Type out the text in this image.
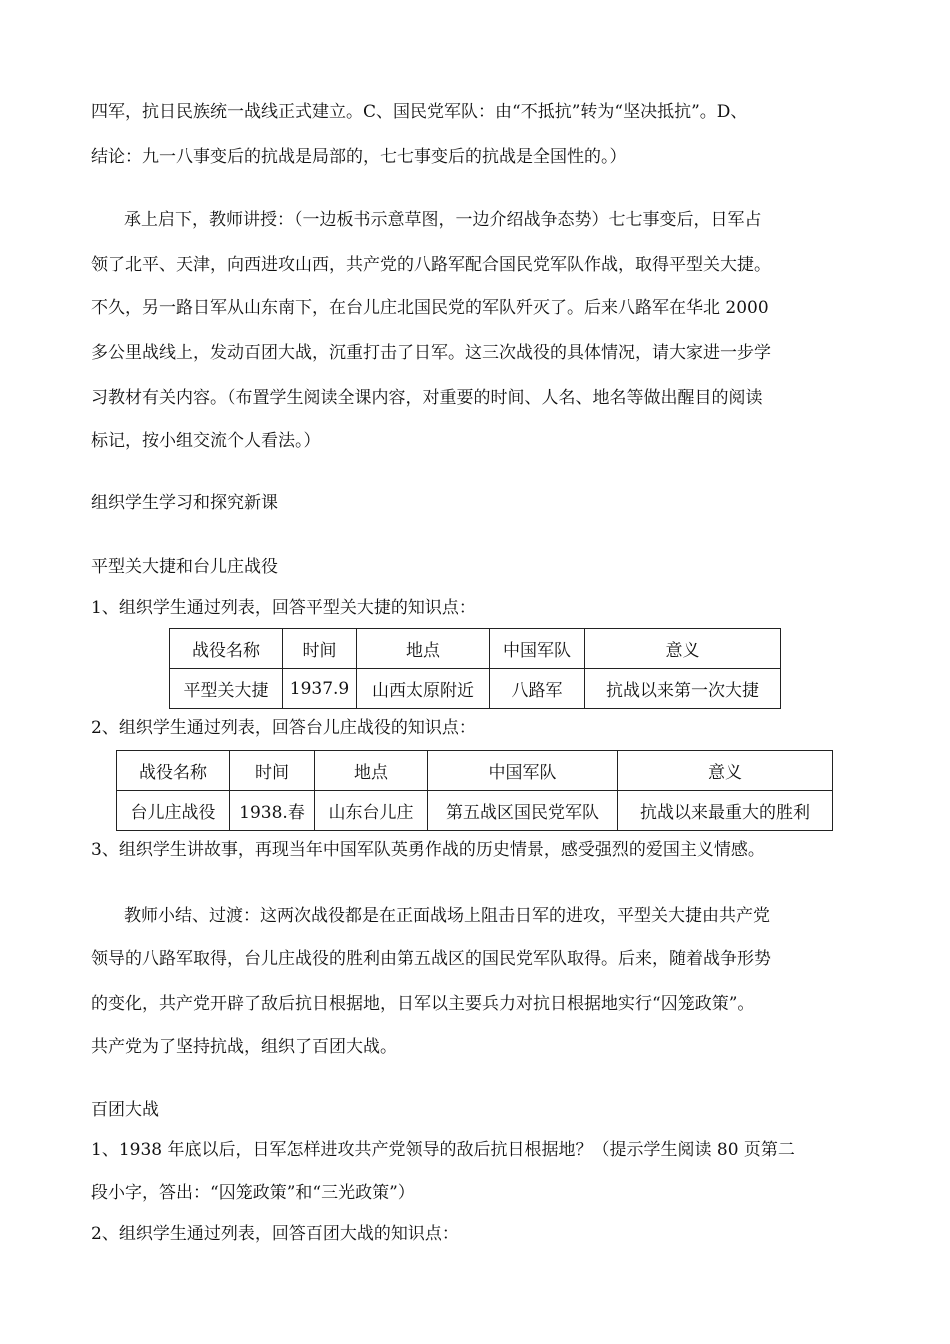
四军，抗日民族统一战线正式建立。C、国民党军队：由“不抵抗”转为“坚决抵抗”。D、
结论：九一八事变后的抗战是局部的，七七事变后的抗战是全国性的。）
承上启下，教师讲授：（一边板书示意草图，一边介绍战争态势）七七事变后，日军占
领了北平、天津，向西进攻山西，共产党的八路军配合国民党军队作战，取得平型关大捷。
不久，另一路日军从山东南下，在台儿庄北国民党的军队歼灭了。后来八路军在华北 2000
多公里战线上，发动百团大战，沉重打击了日军。这三次战役的具体情况，请大家进一步学
习教材有关内容。（布置学生阅读全课内容，对重要的时间、人名、地名等做出醒目的阅读
标记，按小组交流个人看法。）
组织学生学习和探究新课
平型关大捷和台儿庄战役
1、组织学生通过列表，回答平型关大捷的知识点：
战役名称	时间	地点	中国军队	意义
平型关大捷	1937.9	山西太原附近	八路军	抗战以来第一次大捷
2、组织学生通过列表，回答台儿庄战役的知识点：
战役名称	时间	地点	中国军队	意义
台儿庄战役	1938.春	山东台儿庄	第五战区国民党军队	抗战以来最重大的胜利
3、组织学生讲故事，再现当年中国军队英勇作战的历史情景，感受强烈的爱国主义情感。
教师小结、过渡：这两次战役都是在正面战场上阻击日军的进攻，平型关大捷由共产党
领导的八路军取得，台儿庄战役的胜利由第五战区的国民党军队取得。后来，随着战争形势
的变化，共产党开辟了敌后抗日根据地，日军以主要兵力对抗日根据地实行“囚笼政策”。
共产党为了坚持抗战，组织了百团大战。
百团大战
1、1938 年底以后，日军怎样进攻共产党领导的敌后抗日根据地？（提示学生阅读 80 页第二
段小字，答出：“囚笼政策”和“三光政策”）
2、组织学生通过列表，回答百团大战的知识点：
